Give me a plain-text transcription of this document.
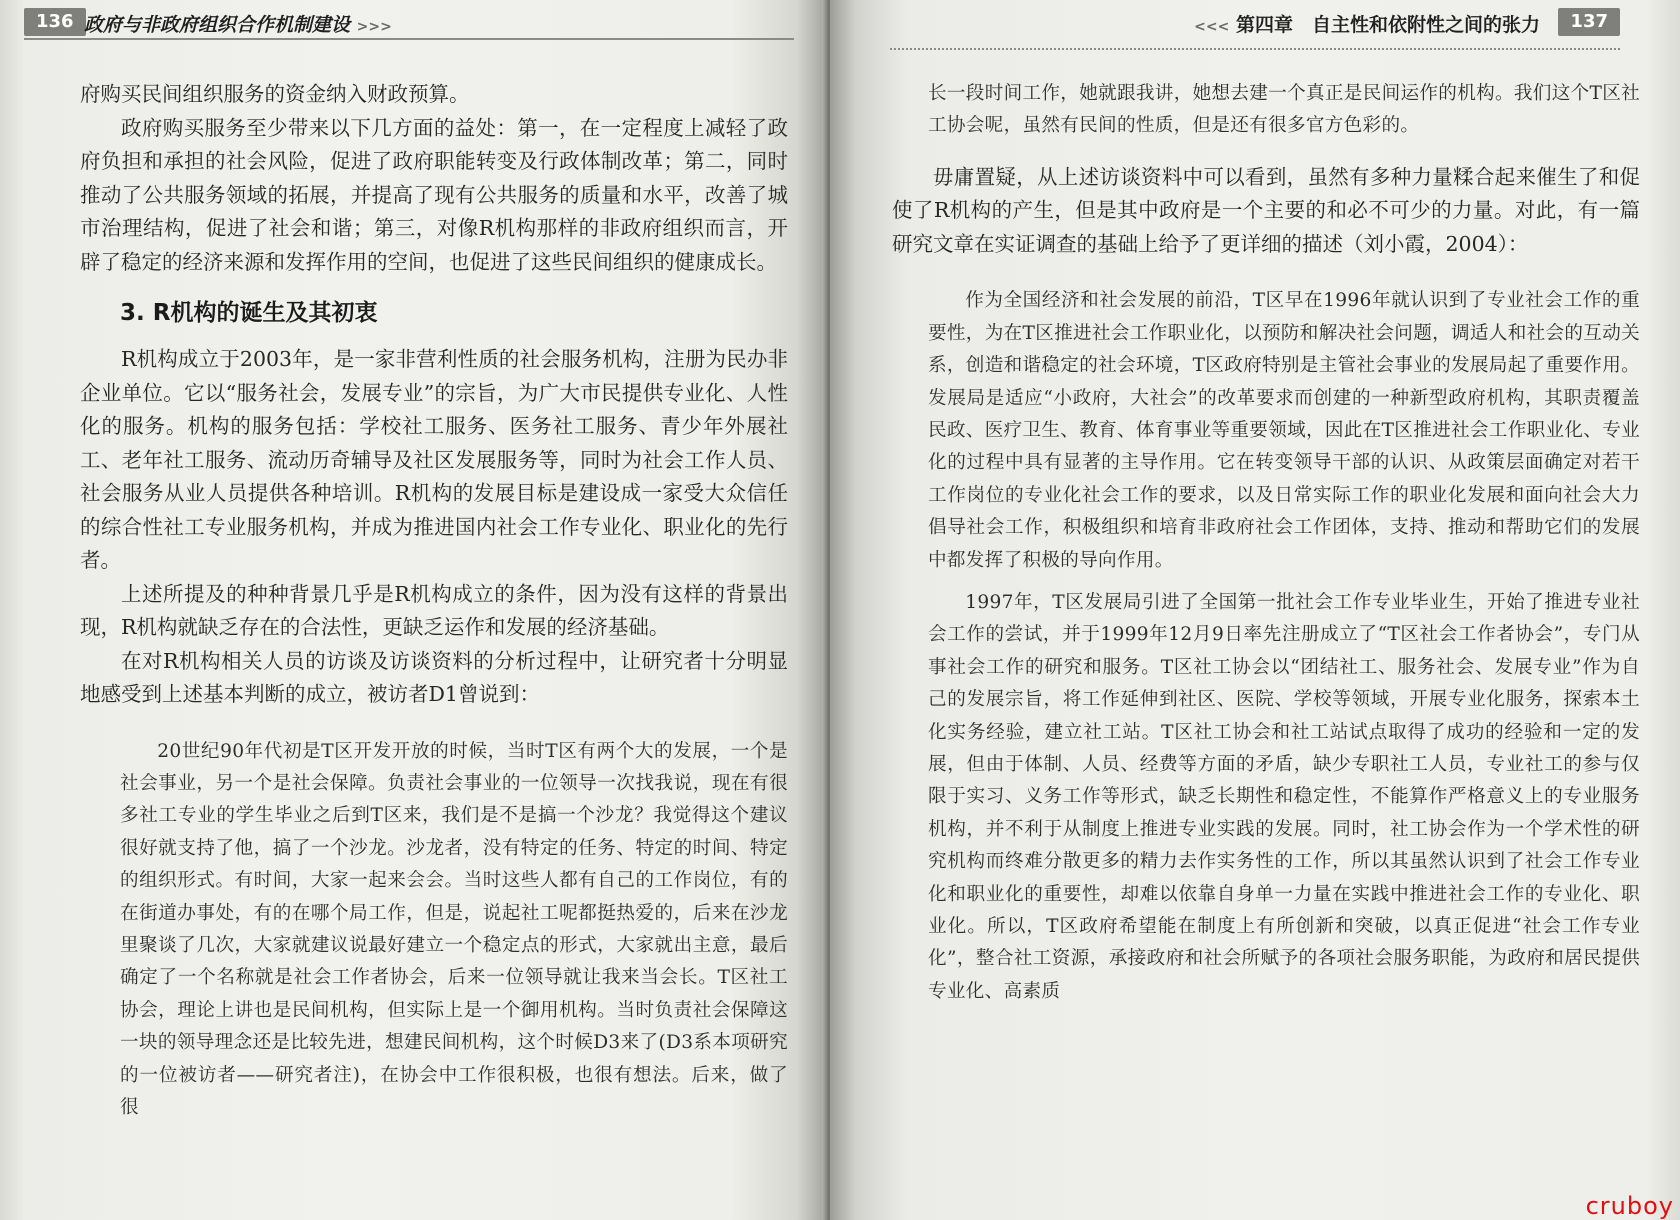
136 政府与非政府组织合作机制建设 >>>

府购买民间组织服务的资金纳入财政预算。

政府购买服务至少带来以下几方面的益处：第一，在一定程度上减轻了政府负担和承担的社会风险，促进了政府职能转变及行政体制改革；第二，同时推动了公共服务领域的拓展，并提高了现有公共服务的质量和水平，改善了城市治理结构，促进了社会和谐；第三，对像R机构那样的非政府组织而言，开辟了稳定的经济来源和发挥作用的空间，也促进了这些民间组织的健康成长。

3. R机构的诞生及其初衷

R机构成立于2003年，是一家非营利性质的社会服务机构，注册为民办非企业单位。它以“服务社会，发展专业”的宗旨，为广大市民提供专业化、人性化的服务。机构的服务包括：学校社工服务、医务社工服务、青少年外展社工、老年社工服务、流动历奇辅导及社区发展服务等，同时为社会工作人员、社会服务从业人员提供各种培训。R机构的发展目标是建设成一家受大众信任的综合性社工专业服务机构，并成为推进国内社会工作专业化、职业化的先行者。

上述所提及的种种背景几乎是R机构成立的条件，因为没有这样的背景出现，R机构就缺乏存在的合法性，更缺乏运作和发展的经济基础。

在对R机构相关人员的访谈及访谈资料的分析过程中，让研究者十分明显地感受到上述基本判断的成立，被访者D1曾说到：

20世纪90年代初是T区开发开放的时候，当时T区有两个大的发展，一个是社会事业，另一个是社会保障。负责社会事业的一位领导一次找我说，现在有很多社工专业的学生毕业之后到T区来，我们是不是搞一个沙龙？我觉得这个建议很好就支持了他，搞了一个沙龙。沙龙者，没有特定的任务、特定的时间、特定的组织形式。有时间，大家一起来会会。当时这些人都有自己的工作岗位，有的在街道办事处，有的在哪个局工作，但是，说起社工呢都挺热爱的，后来在沙龙里聚谈了几次，大家就建议说最好建立一个稳定点的形式，大家就出主意，最后确定了一个名称就是社会工作者协会，后来一位领导就让我来当会长。T区社工协会，理论上讲也是民间机构，但实际上是一个御用机构。当时负责社会保障这一块的领导理念还是比较先进，想建民间机构，这个时候D3来了(D3系本项研究的一位被访者——研究者注)，在协会中工作很积极，也很有想法。后来，做了很

<<< 第四章　自主性和依附性之间的张力	137

长一段时间工作，她就跟我讲，她想去建一个真正是民间运作的机构。我们这个T区社工协会呢，虽然有民间的性质，但是还有很多官方色彩的。

毋庸置疑，从上述访谈资料中可以看到，虽然有多种力量糅合起来催生了和促使了R机构的产生，但是其中政府是一个主要的和必不可少的力量。对此，有一篇研究文章在实证调查的基础上给予了更详细的描述（刘小霞，2004）：

作为全国经济和社会发展的前沿，T区早在1996年就认识到了专业社会工作的重要性，为在T区推进社会工作职业化，以预防和解决社会问题，调适人和社会的互动关系，创造和谐稳定的社会环境，T区政府特别是主管社会事业的发展局起了重要作用。发展局是适应“小政府，大社会”的改革要求而创建的一种新型政府机构，其职责覆盖民政、医疗卫生、教育、体育事业等重要领域，因此在T区推进社会工作职业化、专业化的过程中具有显著的主导作用。它在转变领导干部的认识、从政策层面确定对若干工作岗位的专业化社会工作的要求，以及日常实际工作的职业化发展和面向社会大力倡导社会工作，积极组织和培育非政府社会工作团体，支持、推动和帮助它们的发展中都发挥了积极的导向作用。

1997年，T区发展局引进了全国第一批社会工作专业毕业生，开始了推进专业社会工作的尝试，并于1999年12月9日率先注册成立了“T区社会工作者协会”，专门从事社会工作的研究和服务。T区社工协会以“团结社工、服务社会、发展专业”作为自己的发展宗旨，将工作延伸到社区、医院、学校等领域，开展专业化服务，探索本土化实务经验，建立社工站。T区社工协会和社工站试点取得了成功的经验和一定的发展，但由于体制、人员、经费等方面的矛盾，缺少专职社工人员，专业社工的参与仅限于实习、义务工作等形式，缺乏长期性和稳定性，不能算作严格意义上的专业服务机构，并不利于从制度上推进专业实践的发展。同时，社工协会作为一个学术性的研究机构而终难分散更多的精力去作实务性的工作，所以其虽然认识到了社会工作专业化和职业化的重要性，却难以依靠自身单一力量在实践中推进社会工作的专业化、职业化。所以，T区政府希望能在制度上有所创新和突破，以真正促进“社会工作专业化”，整合社工资源，承接政府和社会所赋予的各项社会服务职能，为政府和居民提供专业化、高素质

cruboy
